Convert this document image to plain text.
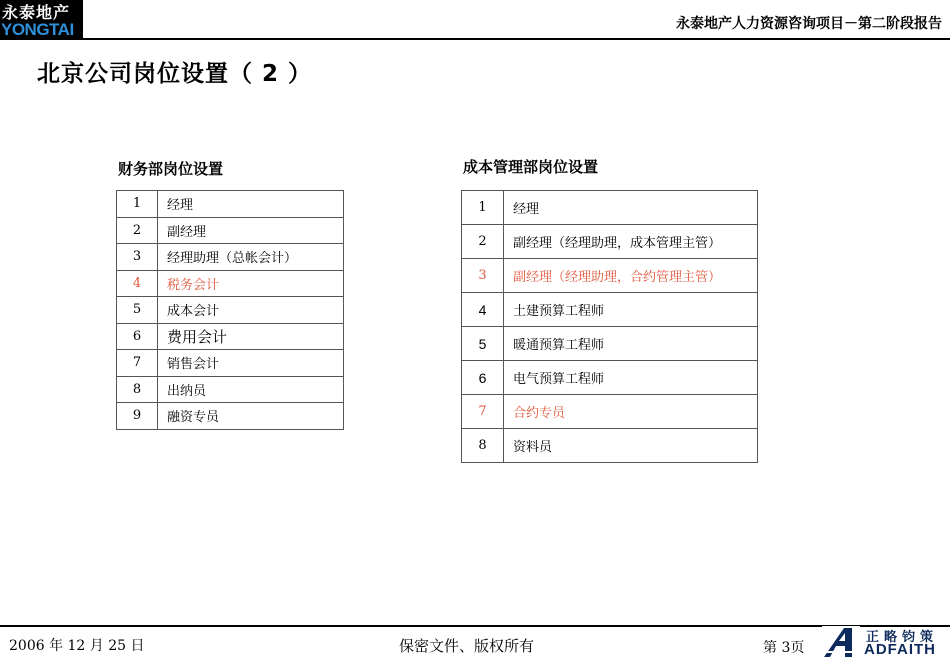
永泰地产
YONGTAI	永泰地产人力资源咨询项目－第二阶段报告
北京公司岗位设置（ 2 ）
财务部岗位设置
1	经理
2	副经理
3	经理助理（总帐会计）
4	税务会计
5	成本会计
6	费用会计
7	销售会计
8	出纳员
9	融资专员
成本管理部岗位设置
1	经理
2	副经理（经理助理，成本管理主管）
3	副经理（经理助理，合约管理主管）
4	土建预算工程师
5	暖通预算工程师
6	电气预算工程师
7	合约专员
8	资料员
2006 年 12 月 25 日	保密文件、版权所有	第 3页
正略钧策
ADFAITH
